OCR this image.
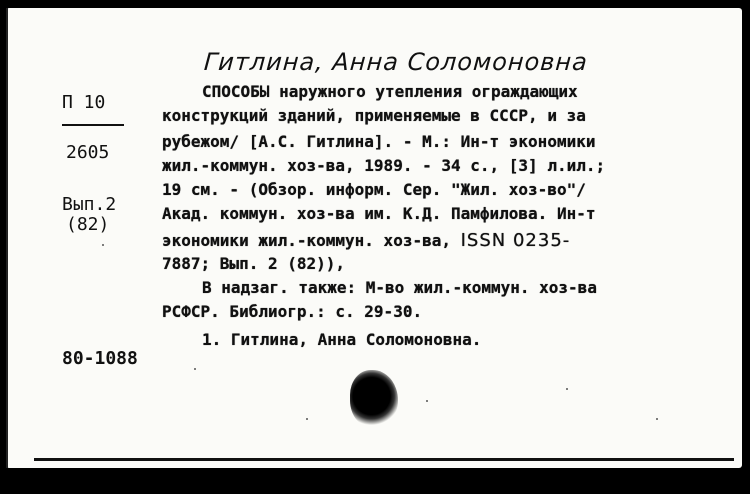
Гитлина, Анна Соломоновна
П 10
2605
Вып.2
(82)
80-1088
СПОСОБЫ наружного утепления ограждающих
конструкций зданий, применяемые в СССР, и за
рубежом/ [А.С. Гитлина]. - М.: Ин-т экономики
жил.-коммун. хоз-ва, 1989. - 34 с., [3] л.ил.;
19 см. - (Обзор. информ. Сер. "Жил. хоз-во"/
Акад. коммун. хоз-ва им. К.Д. Памфилова. Ин-т
экономики жил.-коммун. хоз-ва, ISSN 0235-
7887; Вып. 2 (82)),
В надзаг. также: М-во жил.-коммун. хоз-ва
РСФСР. Библиогр.: с. 29-30.
1. Гитлина, Анна Соломоновна.
